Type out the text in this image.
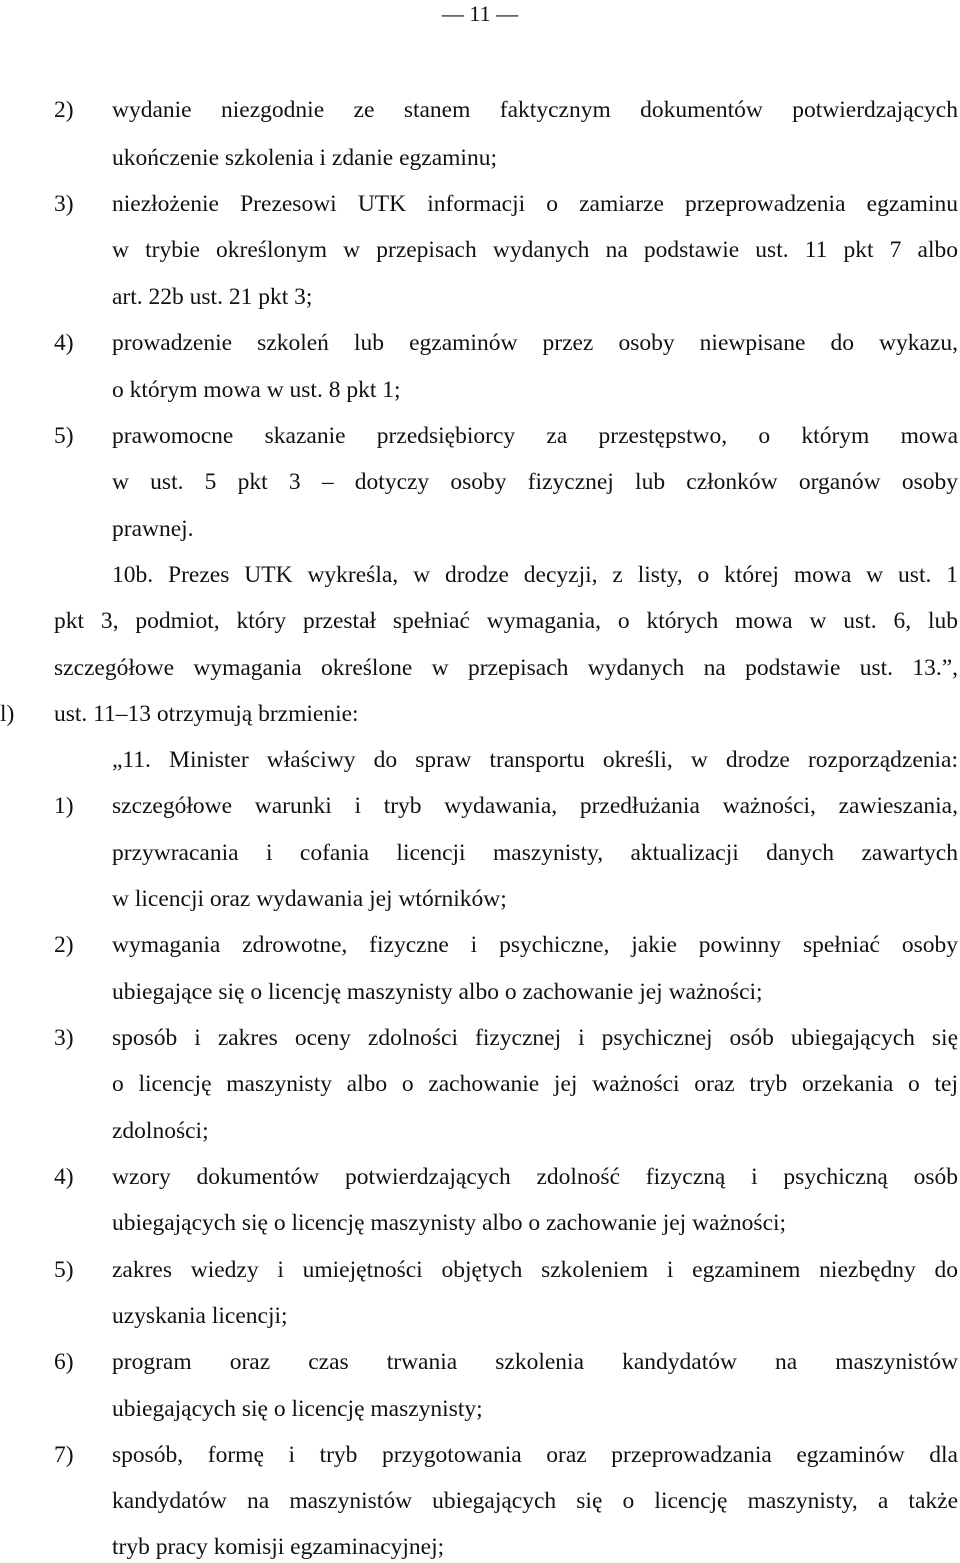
— 11 —
2) wydanie niezgodnie ze stanem faktycznym dokumentów potwierdzających
ukończenie szkolenia i zdanie egzaminu;
3) niezłożenie Prezesowi UTK informacji o zamiarze przeprowadzenia egzaminu
w trybie określonym w przepisach wydanych na podstawie ust. 11 pkt 7 albo
art. 22b ust. 21 pkt 3;
4) prowadzenie szkoleń lub egzaminów przez osoby niewpisane do wykazu,
o którym mowa w ust. 8 pkt 1;
5) prawomocne skazanie przedsiębiorcy za przestępstwo, o którym mowa
w ust. 5 pkt 3 – dotyczy osoby fizycznej lub członków organów osoby
prawnej.
10b. Prezes UTK wykreśla, w drodze decyzji, z listy, o której mowa w ust. 1
pkt 3, podmiot, który przestał spełniać wymagania, o których mowa w ust. 6, lub
szczegółowe wymagania określone w przepisach wydanych na podstawie ust. 13.”,
l) ust. 11–13 otrzymują brzmienie:
„11. Minister właściwy do spraw transportu określi, w drodze rozporządzenia:
1) szczegółowe warunki i tryb wydawania, przedłużania ważności, zawieszania,
przywracania i cofania licencji maszynisty, aktualizacji danych zawartych
w licencji oraz wydawania jej wtórników;
2) wymagania zdrowotne, fizyczne i psychiczne, jakie powinny spełniać osoby
ubiegające się o licencję maszynisty albo o zachowanie jej ważności;
3) sposób i zakres oceny zdolności fizycznej i psychicznej osób ubiegających się
o licencję maszynisty albo o zachowanie jej ważności oraz tryb orzekania o tej
zdolności;
4) wzory dokumentów potwierdzających zdolność fizyczną i psychiczną osób
ubiegających się o licencję maszynisty albo o zachowanie jej ważności;
5) zakres wiedzy i umiejętności objętych szkoleniem i egzaminem niezbędny do
uzyskania licencji;
6) program oraz czas trwania szkolenia kandydatów na maszynistów
ubiegających się o licencję maszynisty;
7) sposób, formę i tryb przygotowania oraz przeprowadzania egzaminów dla
kandydatów na maszynistów ubiegających się o licencję maszynisty, a także
tryb pracy komisji egzaminacyjnej;
